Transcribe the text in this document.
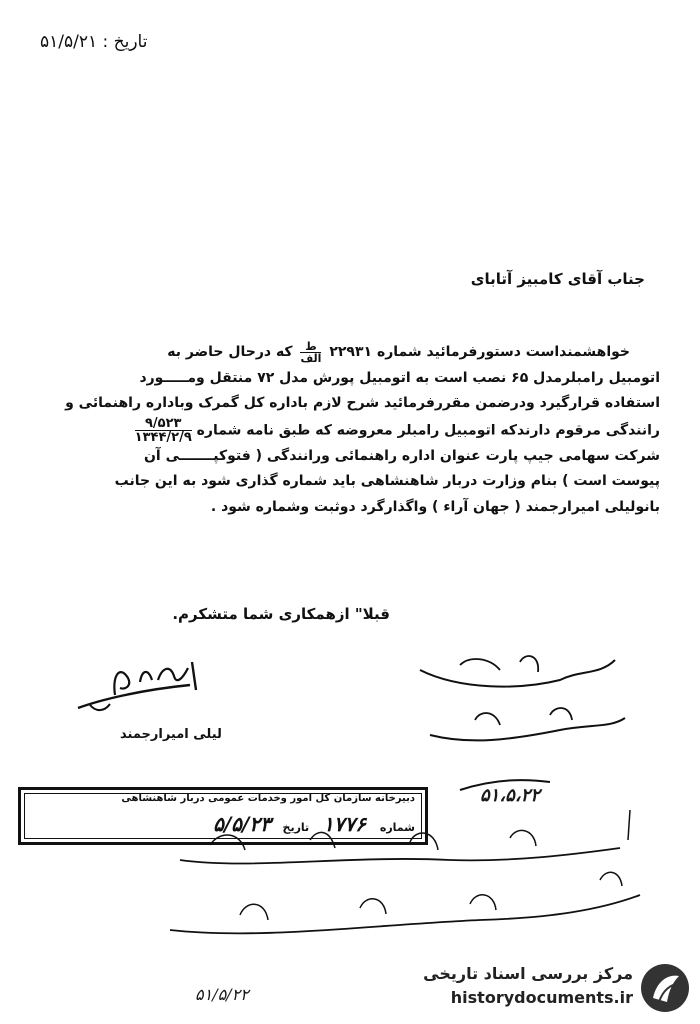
تاریخ : ۵۱/۵/۲۱
جناب آقای کامبیز آتابای

خواهشمنداست دستورفرمائید شماره ۲۲۹۳۱
$\frac{\text{ط}}{\text{الف}}$
که درحال حاضر به

اتومبیل رامبلرمدل ۶۵ نصب است به اتومبیل پورش مدل ۷۲ منتقل ومـــــورد

استفاده قرارگیرد ودرضمن مقررفرمائید شرح لازم باداره کل گمرک وباداره راهنمائی و

رانندگی مرقوم دارندکه اتومبیل رامبلر معروضه که طبق نامه شماره
۹/۵۲۳
۱۳۴۴/۲/۹

شرکت سهامی جیپ پارت عنوان اداره راهنمائی ورانندگی ( فتوکپـــــــی آن

پیوست است ) بنام وزارت دربار شاهنشاهی باید شماره گذاری شود به این جانب

بانولیلی امیرارجمند ( جهان آراء ) واگذارگرد دوثبت وشماره شود .

قبلا" ازهمکاری شما متشکرم.
لیلی امیرارجمند
۵۱،۵،۲۲
دبیرخانه سازمان کل امور وخدمات عمومی دربار شاهنشاهی
شماره ۱۷۷۶ تاریخ ۵/۵/۲۳
۵۱/۵/۲۲
مرکز بررسی اسناد تاریخی
historydocuments.ir
